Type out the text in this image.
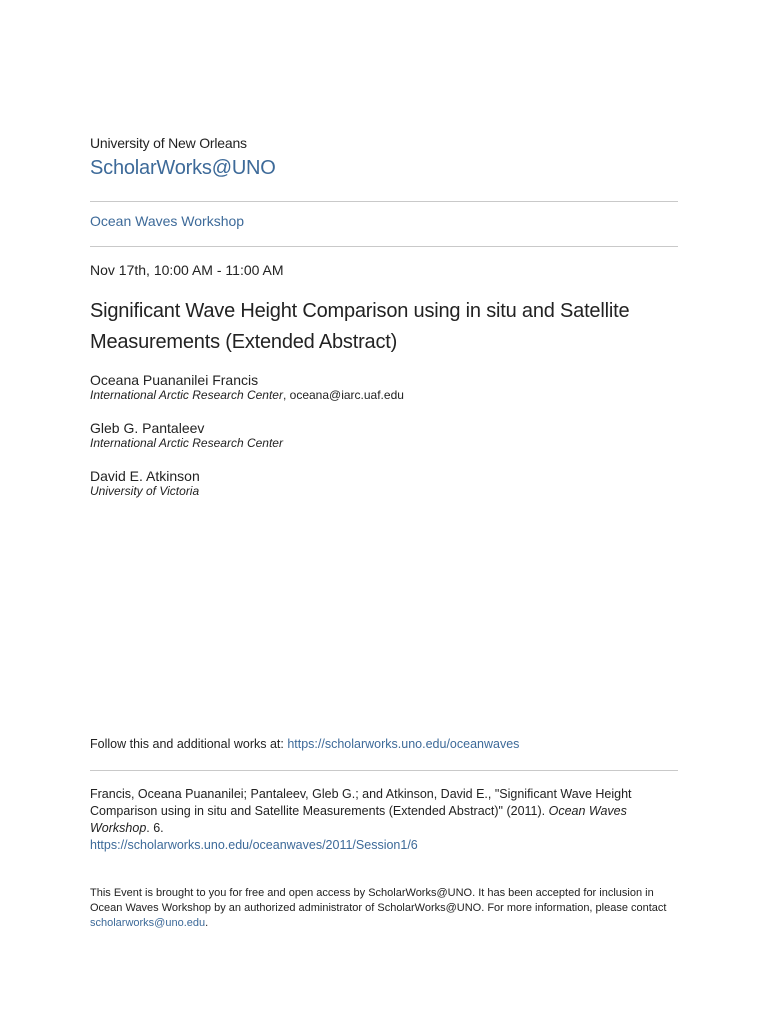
University of New Orleans
ScholarWorks@UNO
Ocean Waves Workshop
Nov 17th, 10:00 AM - 11:00 AM
Significant Wave Height Comparison using in situ and Satellite Measurements (Extended Abstract)
Oceana Puananilei Francis
International Arctic Research Center, oceana@iarc.uaf.edu
Gleb G. Pantaleev
International Arctic Research Center
David E. Atkinson
University of Victoria
Follow this and additional works at: https://scholarworks.uno.edu/oceanwaves
Francis, Oceana Puananilei; Pantaleev, Gleb G.; and Atkinson, David E., "Significant Wave Height Comparison using in situ and Satellite Measurements (Extended Abstract)" (2011). Ocean Waves Workshop. 6.
https://scholarworks.uno.edu/oceanwaves/2011/Session1/6
This Event is brought to you for free and open access by ScholarWorks@UNO. It has been accepted for inclusion in Ocean Waves Workshop by an authorized administrator of ScholarWorks@UNO. For more information, please contact scholarworks@uno.edu.
